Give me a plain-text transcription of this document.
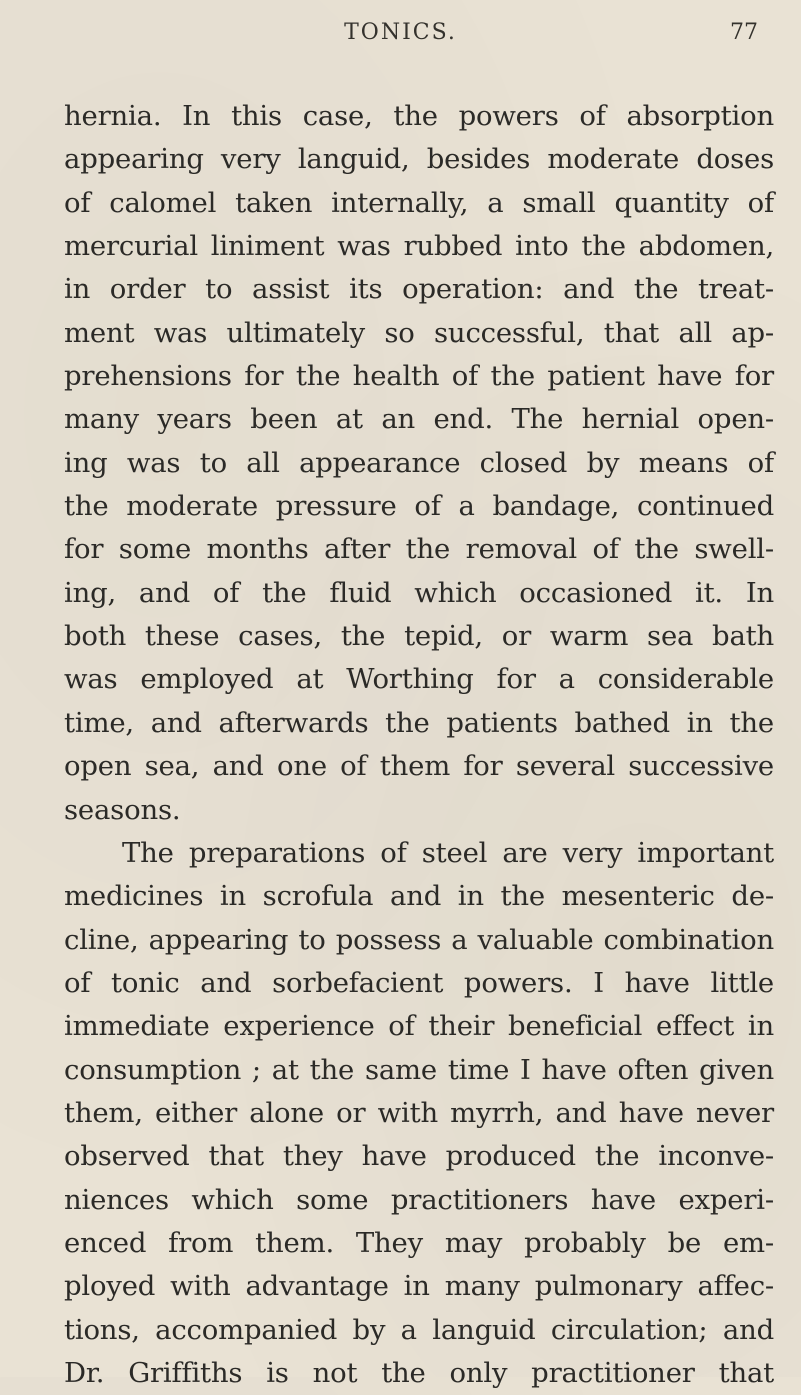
TONICS.	77
hernia. In this case, the powers of absorption
appearing very languid, besides moderate doses
of calomel taken internally, a small quantity of
mercurial liniment was rubbed into the abdomen,
in order to assist its operation: and the treat-
ment was ultimately so successful, that all ap-
prehensions for the health of the patient have for
many years been at an end. The hernial open-
ing was to all appearance closed by means of
the moderate pressure of a bandage, continued
for some months after the removal of the swell-
ing, and of the fluid which occasioned it. In
both these cases, the tepid, or warm sea bath
was employed at Worthing for a considerable
time, and afterwards the patients bathed in the
open sea, and one of them for several successive
seasons.
The preparations of steel are very important
medicines in scrofula and in the mesenteric de-
cline, appearing to possess a valuable combination
of tonic and sorbefacient powers. I have little
immediate experience of their beneficial effect in
consumption ; at the same time I have often given
them, either alone or with myrrh, and have never
observed that they have produced the inconve-
niences which some practitioners have experi-
enced from them. They may probably be em-
ployed with advantage in many pulmonary affec-
tions, accompanied by a languid circulation; and
Dr. Griffiths is not the only practitioner that
